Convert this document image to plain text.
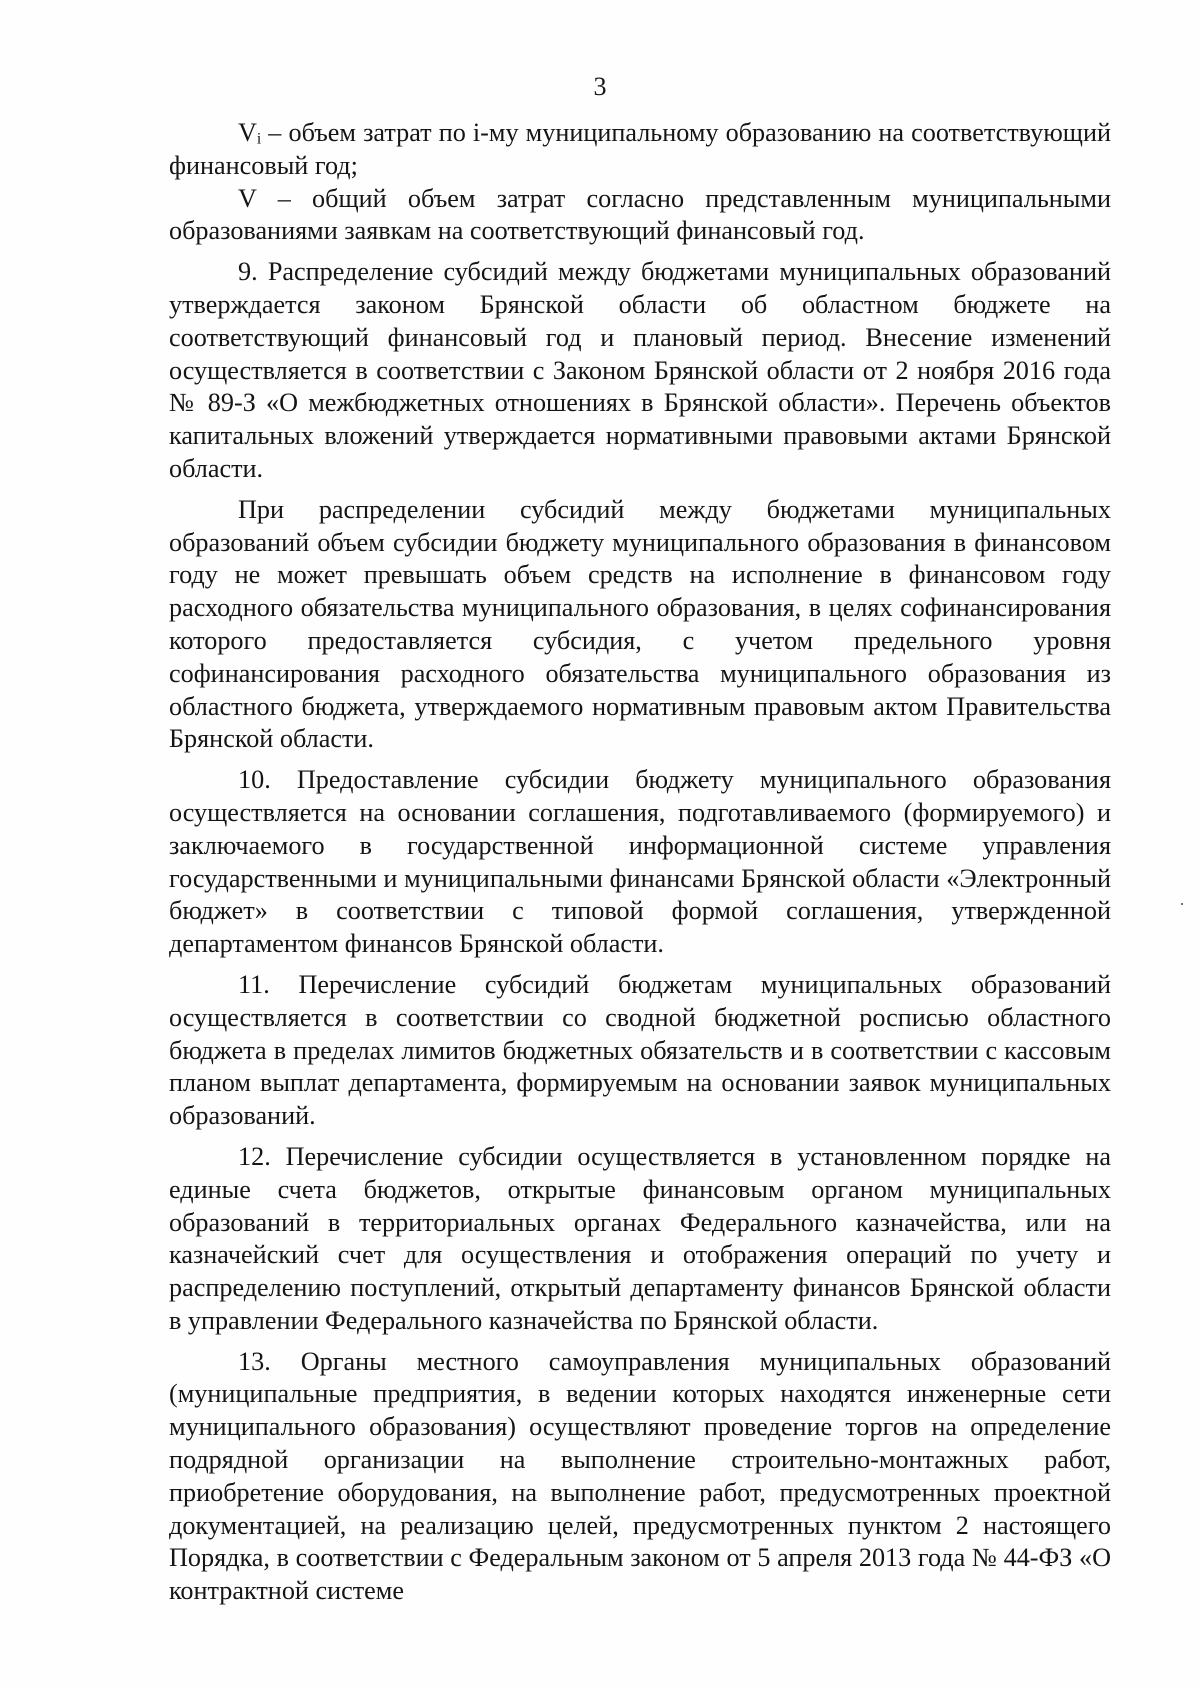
3

Vᵢ – объем затрат по i-му муниципальному образованию на соответствующий финансовый год;

V – общий объем затрат согласно представленным муниципальными образованиями заявкам на соответствующий финансовый год.

9. Распределение субсидий между бюджетами муниципальных образований утверждается законом Брянской области об областном бюджете на соответствующий финансовый год и плановый период. Внесение изменений осуществляется в соответствии с Законом Брянской области от 2 ноября 2016 года № 89-З «О межбюджетных отношениях в Брянской области». Перечень объектов капитальных вложений утверждается нормативными правовыми актами Брянской области.

При распределении субсидий между бюджетами муниципальных образований объем субсидии бюджету муниципального образования в финансовом году не может превышать объем средств на исполнение в финансовом году расходного обязательства муниципального образования, в целях софинансирования которого предоставляется субсидия, с учетом предельного уровня софинансирования расходного обязательства муниципального образования из областного бюджета, утверждаемого нормативным правовым актом Правительства Брянской области.

10. Предоставление субсидии бюджету муниципального образования осуществляется на основании соглашения, подготавливаемого (формируемого) и заключаемого в государственной информационной системе управления государственными и муниципальными финансами Брянской области «Электронный бюджет» в соответствии с типовой формой соглашения, утвержденной департаментом финансов Брянской области.

11. Перечисление субсидий бюджетам муниципальных образований осуществляется в соответствии со сводной бюджетной росписью областного бюджета в пределах лимитов бюджетных обязательств и в соответствии с кассовым планом выплат департамента, формируемым на основании заявок муниципальных образований.

12. Перечисление субсидии осуществляется в установленном порядке на единые счета бюджетов, открытые финансовым органом муниципальных образований в территориальных органах Федерального казначейства, или на казначейский счет для осуществления и отображения операций по учету и распределению поступлений, открытый департаменту финансов Брянской области в управлении Федерального казначейства по Брянской области.

13. Органы местного самоуправления муниципальных образований (муниципальные предприятия, в ведении которых находятся инженерные сети муниципального образования) осуществляют проведение торгов на определение подрядной организации на выполнение строительно-монтажных работ, приобретение оборудования, на выполнение работ, предусмотренных проектной документацией, на реализацию целей, предусмотренных пунктом 2 настоящего Порядка, в соответствии с Федеральным законом от 5 апреля 2013 года № 44-ФЗ «О контрактной системе
